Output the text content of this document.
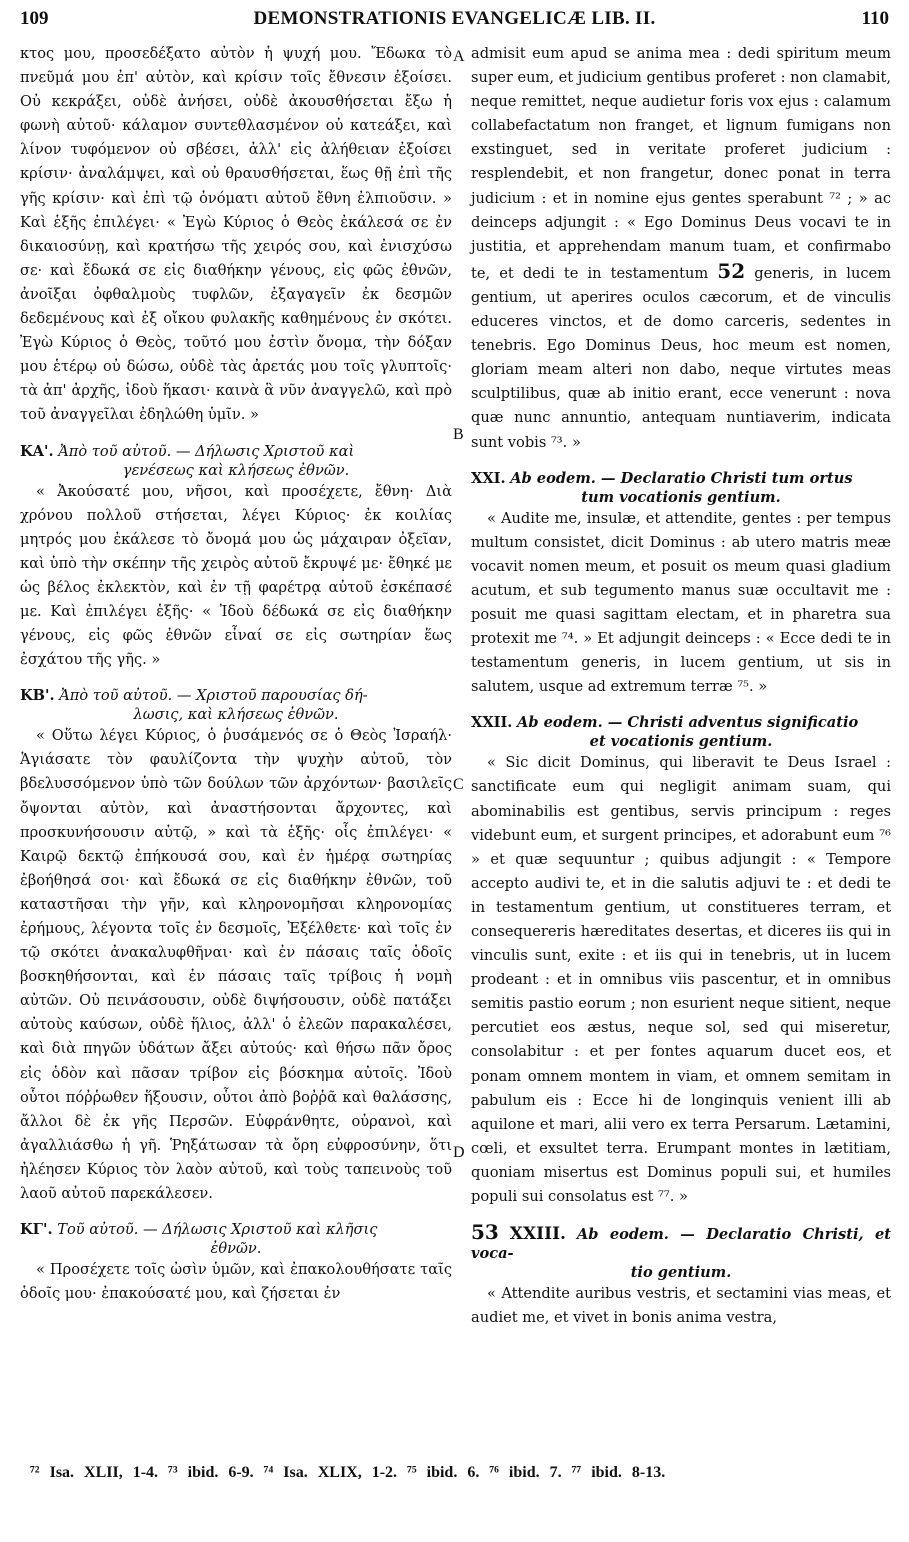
109	DEMONSTRATIONIS EVANGELICÆ LIB. II.	110

κτος μου, προσεδέξατο αὐτὸν ἡ ψυχή μου. Ἔδωκα τὸ πνεῦμά μου ἐπ' αὐτὸν, καὶ κρίσιν τοῖς ἔθνεσιν ἐξοίσει. Οὐ κεκράξει, οὐδὲ ἀνήσει, οὐδὲ ἀκουσθήσεται ἔξω ἡ φωνὴ αὐτοῦ· κάλαμον συντεθλασμένον οὐ κατεάξει, καὶ λίνον τυφόμενον οὐ σβέσει, ἀλλ' εἰς ἀλήθειαν ἐξοίσει κρίσιν· ἀναλάμψει, καὶ οὐ θραυσθήσεται, ἕως θῇ ἐπὶ τῆς γῆς κρίσιν· καὶ ἐπὶ τῷ ὀνόματι αὐτοῦ ἔθνη ἐλπιοῦσιν. » Καὶ ἑξῆς ἐπιλέγει· « Ἐγὼ Κύριος ὁ Θεὸς ἐκάλεσά σε ἐν δικαιοσύνῃ, καὶ κρατήσω τῆς χειρός σου, καὶ ἐνισχύσω σε· καὶ ἔδωκά σε εἰς διαθήκην γένους, εἰς φῶς ἐθνῶν, ἀνοῖξαι ὀφθαλμοὺς τυφλῶν, ἐξαγαγεῖν ἐκ δεσμῶν δεδεμένους καὶ ἐξ οἴκου φυλακῆς καθημένους ἐν σκότει. Ἐγὼ Κύριος ὁ Θεὸς, τοῦτό μου ἐστὶν ὄνομα, τὴν δόξαν μου ἑτέρῳ οὐ δώσω, οὐδὲ τὰς ἀρετάς μου τοῖς γλυπτοῖς· τὰ ἀπ' ἀρχῆς, ἰδοὺ ἥκασι· καινὰ ἃ νῦν ἀναγγελῶ, καὶ πρὸ τοῦ ἀναγγεῖλαι ἐδηλώθη ὑμῖν. »

ΚΑ'. Ἀπὸ τοῦ αὐτοῦ. — Δήλωσις Χριστοῦ καὶ
γενέσεως καὶ κλήσεως ἐθνῶν.

« Ἀκούσατέ μου, νῆσοι, καὶ προσέχετε, ἔθνη· Διὰ χρόνου πολλοῦ στήσεται, λέγει Κύριος· ἐκ κοιλίας μητρός μου ἐκάλεσε τὸ ὄνομά μου ὡς μάχαιραν ὀξεῖαν, καὶ ὑπὸ τὴν σκέπην τῆς χειρὸς αὐτοῦ ἔκρυψέ με· ἔθηκέ με ὡς βέλος ἐκλεκτὸν, καὶ ἐν τῇ φαρέτρᾳ αὐτοῦ ἐσκέπασέ με. Καὶ ἐπιλέγει ἑξῆς· « Ἰδοὺ δέδωκά σε εἰς διαθήκην γένους, εἰς φῶς ἐθνῶν εἶναί σε εἰς σωτηρίαν ἕως ἐσχάτου τῆς γῆς. »

ΚΒ'. Ἀπὸ τοῦ αὐτοῦ. — Χριστοῦ παρουσίας δή-
λωσις, καὶ κλήσεως ἐθνῶν.

« Οὕτω λέγει Κύριος, ὁ ῥυσάμενός σε ὁ Θεὸς Ἰσραήλ· Ἁγιάσατε τὸν φαυλίζοντα τὴν ψυχὴν αὐτοῦ, τὸν βδελυσσόμενον ὑπὸ τῶν δούλων τῶν ἀρχόντων· βασιλεῖς ὄψονται αὐτὸν, καὶ ἀναστήσονται ἄρχοντες, καὶ προσκυνήσουσιν αὐτῷ, » καὶ τὰ ἑξῆς· οἷς ἐπιλέγει· « Καιρῷ δεκτῷ ἐπήκουσά σου, καὶ ἐν ἡμέρᾳ σωτηρίας ἐβοήθησά σοι· καὶ ἔδωκά σε εἰς διαθήκην ἐθνῶν, τοῦ καταστῆσαι τὴν γῆν, καὶ κληρονομῆσαι κληρονομίας ἐρήμους, λέγοντα τοῖς ἐν δεσμοῖς, Ἐξέλθετε· καὶ τοῖς ἐν τῷ σκότει ἀνακαλυφθῆναι· καὶ ἐν πάσαις ταῖς ὁδοῖς βοσκηθήσονται, καὶ ἐν πάσαις ταῖς τρίβοις ἡ νομὴ αὐτῶν. Οὐ πεινάσουσιν, οὐδὲ διψήσουσιν, οὐδὲ πατάξει αὐτοὺς καύσων, οὐδὲ ἥλιος, ἀλλ' ὁ ἐλεῶν παρακαλέσει, καὶ διὰ πηγῶν ὑδάτων ἄξει αὐτούς· καὶ θήσω πᾶν ὄρος εἰς ὁδὸν καὶ πᾶσαν τρίβον εἰς βόσκημα αὐτοῖς. Ἰδοὺ οὗτοι πόῤῥωθεν ἥξουσιν, οὗτοι ἀπὸ βοῤῥᾶ καὶ θαλάσσης, ἄλλοι δὲ ἐκ γῆς Περσῶν. Εὐφράνθητε, οὐρανοὶ, καὶ ἀγαλλιάσθω ἡ γῆ. Ῥηξάτωσαν τὰ ὄρη εὐφροσύνην, ὅτι ἠλέησεν Κύριος τὸν λαὸν αὐτοῦ, καὶ τοὺς ταπεινοὺς τοῦ λαοῦ αὐτοῦ παρεκάλεσεν.

ΚΓ'. Τοῦ αὐτοῦ. — Δήλωσις Χριστοῦ καὶ κλῆσις
ἐθνῶν.

« Προσέχετε τοῖς ὠσὶν ὑμῶν, καὶ ἐπακολουθήσατε ταῖς ὁδοῖς μου· ἐπακούσατέ μου, καὶ ζήσεται ἐν

A
B
C
D

admisit eum apud se anima mea : dedi spiritum meum super eum, et judicium gentibus proferet : non clamabit, neque remittet, neque audietur foris vox ejus : calamum collabefactatum non franget, et lignum fumigans non exstinguet, sed in veritate proferet judicium : resplendebit, et non frangetur, donec ponat in terra judicium : et in nomine ejus gentes sperabunt ⁷² ; » ac deinceps adjungit : « Ego Dominus Deus vocavi te in justitia, et apprehendam manum tuam, et confirmabo te, et dedi te in testamentum 52 generis, in lucem gentium, ut aperires oculos cæcorum, et de vinculis educeres vinctos, et de domo carceris, sedentes in tenebris. Ego Dominus Deus, hoc meum est nomen, gloriam meam alteri non dabo, neque virtutes meas sculptilibus, quæ ab initio erant, ecce venerunt : nova quæ nunc annuntio, antequam nuntiaverim, indicata sunt vobis ⁷³. »

XXI. Ab eodem. — Declaratio Christi tum ortus
tum vocationis gentium.

« Audite me, insulæ, et attendite, gentes : per tempus multum consistet, dicit Dominus : ab utero matris meæ vocavit nomen meum, et posuit os meum quasi gladium acutum, et sub tegumento manus suæ occultavit me : posuit me quasi sagittam electam, et in pharetra sua protexit me ⁷⁴. » Et adjungit deinceps : « Ecce dedi te in testamentum generis, in lucem gentium, ut sis in salutem, usque ad extremum terræ ⁷⁵. »

XXII. Ab eodem. — Christi adventus significatio
et vocationis gentium.

« Sic dicit Dominus, qui liberavit te Deus Israel : sanctificate eum qui negligit animam suam, qui abominabilis est gentibus, servis principum : reges videbunt eum, et surgent principes, et adorabunt eum ⁷⁶ » et quæ sequuntur ; quibus adjungit : « Tempore accepto audivi te, et in die salutis adjuvi te : et dedi te in testamentum gentium, ut constitueres terram, et consequereris hæreditates desertas, et diceres iis qui in vinculis sunt, exite : et iis qui in tenebris, ut in lucem prodeant : et in omnibus viis pascentur, et in omnibus semitis pastio eorum ; non esurient neque sitient, neque percutiet eos æstus, neque sol, sed qui miseretur, consolabitur : et per fontes aquarum ducet eos, et ponam omnem montem in viam, et omnem semitam in pabulum eis : Ecce hi de longinquis venient illi ab aquilone et mari, alii vero ex terra Persarum. Lætamini, cœli, et exsultet terra. Erumpant montes in lætitiam, quoniam misertus est Dominus populi sui, et humiles populi sui consolatus est ⁷⁷. »

53 XXIII. Ab eodem. — Declaratio Christi, et voca-
tio gentium.

« Attendite auribus vestris, et sectamini vias meas, et audiet me, et vivet in bonis anima vestra,

⁷² Isa. XLII, 1-4. ⁷³ ibid. 6-9. ⁷⁴ Isa. XLIX, 1-2. ⁷⁵ ibid. 6. ⁷⁶ ibid. 7. ⁷⁷ ibid. 8-13.
